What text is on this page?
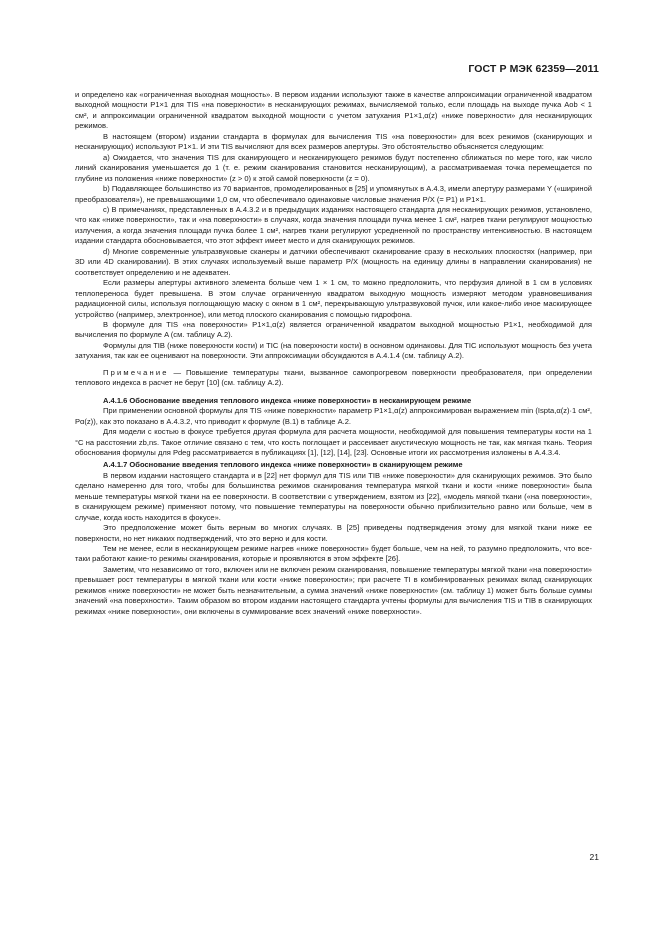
ГОСТ Р МЭК 62359—2011

и определено как «ограниченная выходная мощность». В первом издании используют также в качестве аппроксимации ограниченной квадратом выходной мощности P1×1 для TIS «на поверхности» в несканирующих режимах, вычисляемой только, если площадь на выходе пучка Aob < 1 см², и аппроксимации ограниченной квадратом выходной мощности с учетом затухания P1×1,α(z) «ниже поверхности» для несканирующих режимов.

В настоящем (втором) издании стандарта в формулах для вычисления TIS «на поверхности» для всех режимов (сканирующих и несканирующих) используют P1×1. И эти TIS вычисляют для всех размеров апертуры. Это обстоятельство объясняется следующим:

a) Ожидается, что значения TIS для сканирующего и несканирующего режимов будут постепенно сближаться по мере того, как число линий сканирования уменьшается до 1 (т. е. режим сканирования становится несканирующим), а рассматриваемая точка перемещается по глубине из положения «ниже поверхности» (z > 0) к этой самой поверхности (z = 0).

b) Подавляющее большинство из 70 вариантов, промоделированных в [25] и упомянутых в A.4.3, имели апертуру размерами Y («шириной преобразователя»), не превышающими 1,0 см, что обеспечивало одинаковые числовые значения P/X (= P1) и P1×1.

c) В примечаниях, представленных в A.4.3.2 и в предыдущих изданиях настоящего стандарта для несканирующих режимов, установлено, что как «ниже поверхности», так и «на поверхности» в случаях, когда значения площади пучка менее 1 см², нагрев ткани регулируют мощностью излучения, а когда значения площади пучка более 1 см², нагрев ткани регулируют усредненной по пространству интенсивностью. В настоящем издании стандарта обосновывается, что этот эффект имеет место и для сканирующих режимов.

d) Многие современные ультразвуковые сканеры и датчики обеспечивают сканирование сразу в нескольких плоскостях (например, при 3D или 4D сканировании). В этих случаях используемый выше параметр P/X (мощность на единицу длины в направлении сканирования) не соответствует определению и не адекватен.

Если размеры апертуры активного элемента больше чем 1 × 1 см, то можно предположить, что перфузия длиной в 1 см в условиях теплопереноса будет превышена. В этом случае ограниченную квадратом выходную мощность измеряют методом уравновешивания радиационной силы, используя поглощающую маску с окном в 1 см², перекрывающую ультразвуковой пучок, или какое-либо иное маскирующее устройство (например, электронное), или метод плоского сканирования с помощью гидрофона.

В формуле для TIS «на поверхности» P1×1,α(z) является ограниченной квадратом выходной мощностью P1×1, необходимой для вычисления по формуле A (см. таблицу A.2).

Формулы для TIB (ниже поверхности кости) и TIC (на поверхности кости) в основном одинаковы. Для TIC используют мощность без учета затухания, так как ее оценивают на поверхности. Эти аппроксимации обсуждаются в A.4.1.4 (см. таблицу A.2).

Примечание — Повышение температуры ткани, вызванное самопрогревом поверхности преобразователя, при определении теплового индекса в расчет не берут [10] (см. таблицу A.2).

A.4.1.6 Обоснование введения теплового индекса «ниже поверхности» в несканирующем режиме

При применении основной формулы для TIS «ниже поверхности» параметр P1×1,α(z) аппроксимирован выражением min (Ispta,α(z)·1 см², Pα(z)), как это показано в A.4.3.2, что приводит к формуле (B.1) в таблице A.2.

Для модели с костью в фокусе требуется другая формула для расчета мощности, необходимой для повышения температуры кости на 1 °C на расстоянии zb,ns. Такое отличие связано с тем, что кость поглощает и рассеивает акустическую мощность не так, как мягкая ткань. Теория обоснования формулы для Pdeg рассматривается в публикациях [1], [12], [14], [23]. Основные итоги их рассмотрения изложены в A.4.3.4.

A.4.1.7 Обоснование введения теплового индекса «ниже поверхности» в сканирующем режиме

В первом издании настоящего стандарта и в [22] нет формул для TIS или TIB «ниже поверхности» для сканирующих режимов. Это было сделано намеренно для того, чтобы для большинства режимов сканирования температура мягкой ткани и кости «ниже поверхности» была меньше температуры мягкой ткани на ее поверхности. В соответствии с утверждением, взятом из [22], «модель мягкой ткани («на поверхности», в сканирующем режиме) применяют потому, что повышение температуры на поверхности обычно приблизительно равно или больше, чем в случае, когда кость находится в фокусе».

Это предположение может быть верным во многих случаях. В [25] приведены подтверждения этому для мягкой ткани ниже ее поверхности, но нет никаких подтверждений, что это верно и для кости.

Тем не менее, если в несканирующем режиме нагрев «ниже поверхности» будет больше, чем на ней, то разумно предположить, что все-таки работают какие-то режимы сканирования, которые и проявляются в этом эффекте [26].

Заметим, что независимо от того, включен или не включен режим сканирования, повышение температуры мягкой ткани «на поверхности» превышает рост температуры в мягкой ткани или кости «ниже поверхности»; при расчете TI в комбинированных режимах вклад сканирующих режимов «ниже поверхности» не может быть незначительным, а сумма значений «ниже поверхности» (см. таблицу 1) может быть больше суммы значений «на поверхности». Таким образом во втором издании настоящего стандарта учтены формулы для вычисления TIS и TIB в сканирующих режимах «ниже поверхности», они включены в суммирование всех значений «ниже поверхности».

21
